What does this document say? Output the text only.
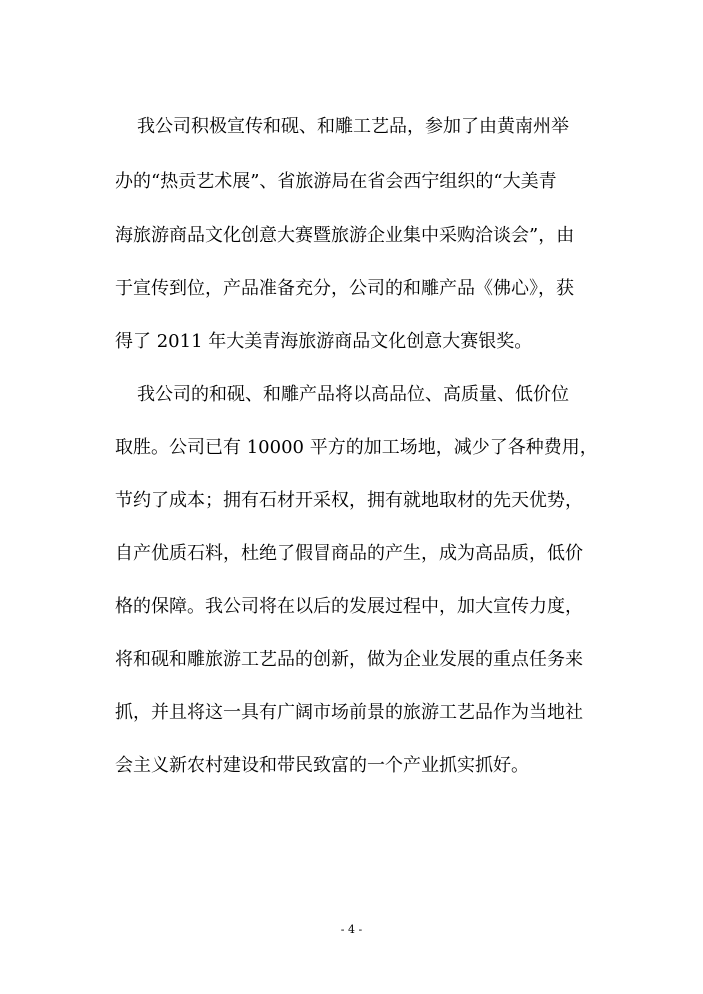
我公司积极宣传和砚、和雕工艺品，参加了由黄南州举
办的“热贡艺术展”、省旅游局在省会西宁组织的“大美青
海旅游商品文化创意大赛暨旅游企业集中采购洽谈会”，由
于宣传到位，产品准备充分，公司的和雕产品《佛心》，获
得了 2011 年大美青海旅游商品文化创意大赛银奖。
我公司的和砚、和雕产品将以高品位、高质量、低价位
取胜。公司已有 10000 平方的加工场地，减少了各种费用，
节约了成本；拥有石材开采权，拥有就地取材的先天优势，
自产优质石料，杜绝了假冒商品的产生，成为高品质，低价
格的保障。我公司将在以后的发展过程中，加大宣传力度，
将和砚和雕旅游工艺品的创新，做为企业发展的重点任务来
抓，并且将这一具有广阔市场前景的旅游工艺品作为当地社
会主义新农村建设和带民致富的一个产业抓实抓好。
- 4 -
